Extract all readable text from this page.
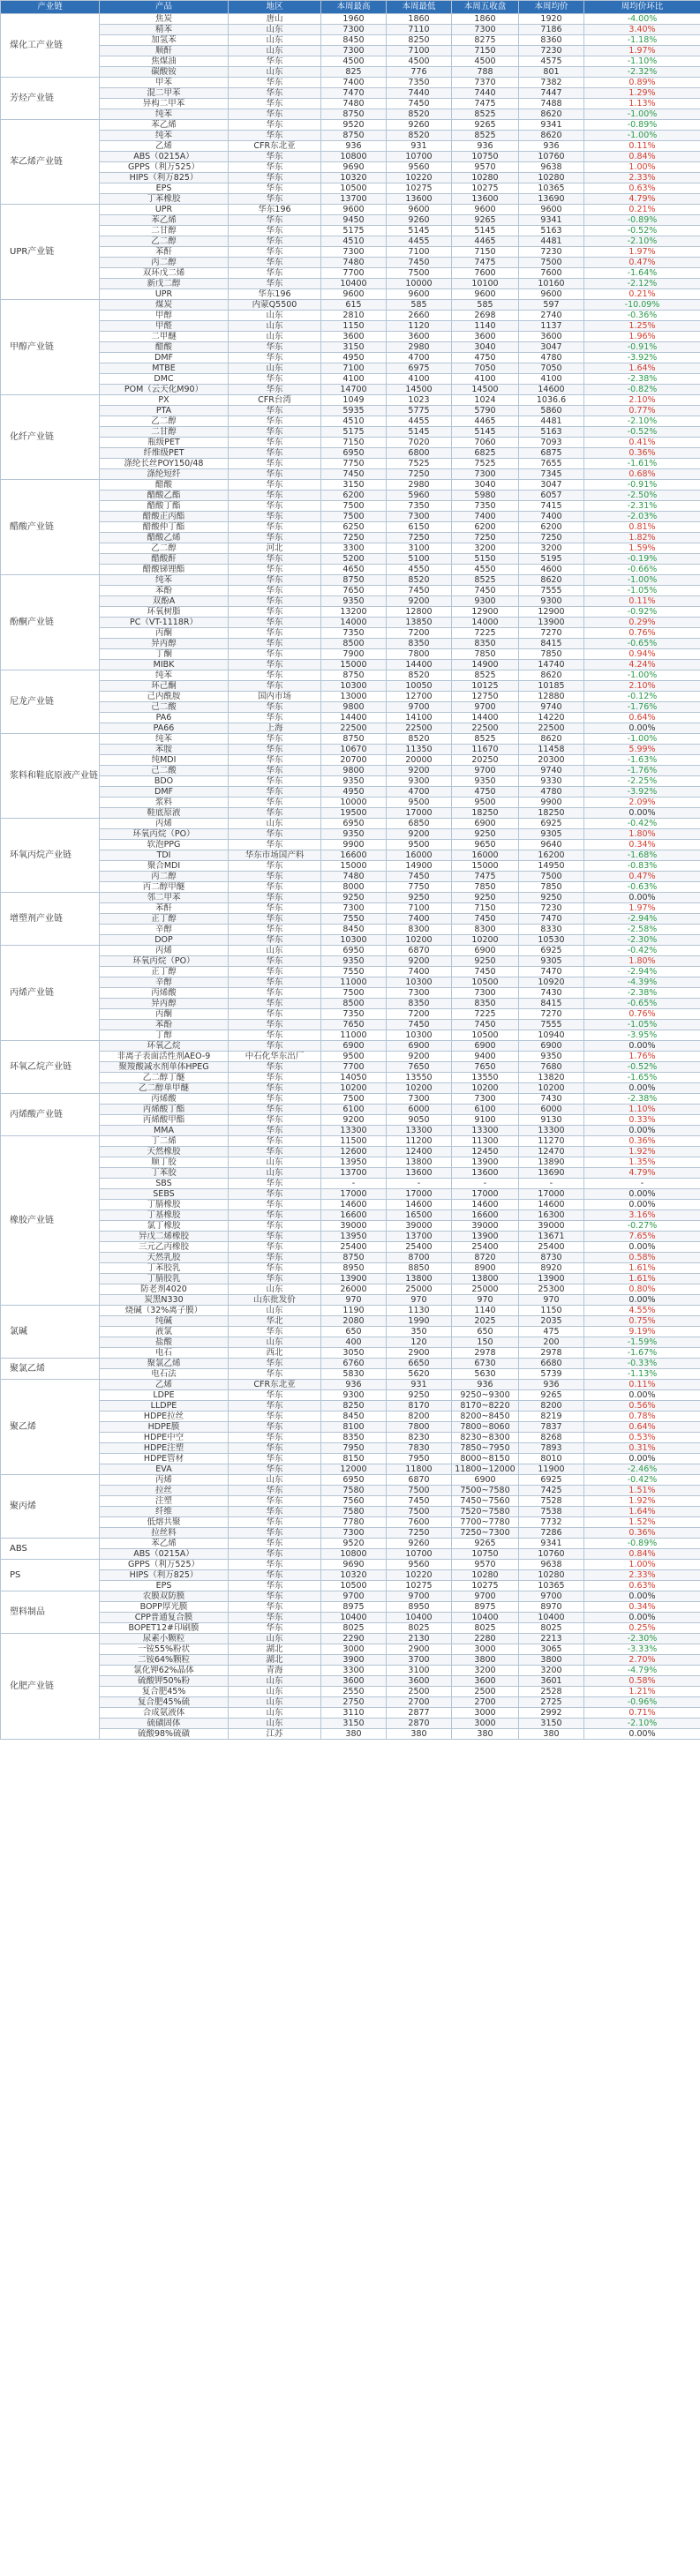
产业链	产品	地区	本周最高	本周最低	本周五收盘	本周均价	周均价环比
煤化工产业链	焦炭	唐山	1960	1860	1860	1920	-4.00%
	精苯	山东	7300	7110	7300	7186	3.40%
	加氢苯	山东	8450	8250	8275	8360	-1.18%
	顺酐	山东	7300	7100	7150	7230	1.97%
	焦煤油	华东	4500	4500	4500	4575	-1.10%
	碳酸铵	山东	825	776	788	801	-2.32%
芳烃产业链	甲苯	华东	7400	7350	7370	7382	0.89%
	混二甲苯	华东	7470	7440	7440	7447	1.29%
	异构二甲苯	华东	7480	7450	7475	7488	1.13%
	纯苯	华东	8750	8520	8525	8620	-1.00%
苯乙烯产业链	苯乙烯	华东	9520	9260	9265	9341	-0.89%
	纯苯	华东	8750	8520	8525	8620	-1.00%
	乙烯	CFR东北亚	936	931	936	936	0.11%
	ABS（0215A）	华东	10800	10700	10750	10760	0.84%
	GPPS（利万525）	华东	9690	9560	9570	9638	1.00%
	HIPS（利万825）	华东	10320	10220	10280	10280	2.33%
	EPS	华东	10500	10275	10275	10365	0.63%
	丁苯橡胶	华东	13700	13600	13600	13690	4.79%
UPR产业链	UPR	华东196	9600	9600	9600	9600	0.21%
	苯乙烯	华东	9450	9260	9265	9341	-0.89%
	二甘醇	华东	5175	5145	5145	5163	-0.52%
	乙二醇	华东	4510	4455	4465	4481	-2.10%
	苯酐	华东	7300	7100	7150	7230	1.97%
	丙二醇	华东	7480	7450	7475	7500	0.47%
	双环戊二烯	华东	7700	7500	7600	7600	-1.64%
	新戊二醇	华东	10400	10000	10100	10160	-2.12%
	UPR	华东196	9600	9600	9600	9600	0.21%
甲醇产业链	煤炭	内蒙Q5500	615	585	585	597	-10.09%
	甲醇	山东	2810	2660	2698	2740	-0.36%
	甲醛	山东	1150	1120	1140	1137	1.25%
	二甲醚	山东	3600	3600	3600	3600	1.96%
	醋酸	华东	3150	2980	3040	3047	-0.91%
	DMF	华东	4950	4700	4750	4780	-3.92%
	MTBE	山东	7100	6975	7050	7050	1.64%
	DMC	华东	4100	4100	4100	4100	-2.38%
	POM（云天化M90）	华东	14700	14500	14500	14600	-0.82%
化纤产业链	PX	CFR台湾	1049	1023	1024	1036.6	2.10%
	PTA	华东	5935	5775	5790	5860	0.77%
	乙二醇	华东	4510	4455	4465	4481	-2.10%
	二甘醇	华东	5175	5145	5145	5163	-0.52%
	瓶级PET	华东	7150	7020	7060	7093	0.41%
	纤维级PET	华东	6950	6800	6825	6875	0.36%
	涤纶长丝POY150/48	华东	7750	7525	7525	7655	-1.61%
	涤纶短纤	华东	7450	7250	7300	7345	0.68%
醋酸产业链	醋酸	华东	3150	2980	3040	3047	-0.91%
	醋酸乙酯	华东	6200	5960	5980	6057	-2.50%
	醋酸丁酯	华东	7500	7350	7350	7415	-2.31%
	醋酸正丙酯	华东	7500	7300	7400	7400	-2.03%
	醋酸仲丁酯	华东	6250	6150	6200	6200	0.81%
	醋酸乙烯	华东	7250	7250	7250	7250	1.82%
	乙二醇	河北	3300	3100	3200	3200	1.59%
	醋酸酐	华东	5200	5100	5150	5195	-0.19%
	醋酸锑锂酯	华东	4650	4550	4550	4600	-0.66%
酚酮产业链	纯苯	华东	8750	8520	8525	8620	-1.00%
	苯酚	华东	7650	7450	7450	7555	-1.05%
	双酚A	华东	9350	9200	9300	9300	0.11%
	环氧树脂	华东	13200	12800	12900	12900	-0.92%
	PC（VT-1118R）	华东	14000	13850	14000	13900	0.29%
	丙酮	华东	7350	7200	7225	7270	0.76%
	异丙醇	华东	8500	8350	8350	8415	-0.65%
	丁酮	华东	7900	7800	7850	7850	0.94%
	MIBK	华东	15000	14400	14900	14740	4.24%
尼龙产业链	纯苯	华东	8750	8520	8525	8620	-1.00%
	环己酮	华东	10300	10050	10125	10185	2.10%
	己内酰胺	国内市场	13000	12700	12750	12880	-0.12%
	己二酸	华东	9800	9700	9700	9740	-1.76%
	PA6	华东	14400	14100	14400	14220	0.64%
	PA66	上海	22500	22500	22500	22500	0.00%
浆料和鞋底原液产业链	纯苯	华东	8750	8520	8525	8620	-1.00%
	苯胺	华东	10670	11350	11670	11458	5.99%
	纯MDI	华东	20700	20000	20250	20300	-1.63%
	己二酸	华东	9800	9200	9700	9740	-1.76%
	BDO	华东	9350	9300	9350	9330	-2.25%
	DMF	华东	4950	4700	4750	4780	-3.92%
	浆料	华东	10000	9500	9500	9900	2.09%
	鞋底原液	华东	19500	17000	18250	18250	0.00%
环氧丙烷产业链	丙烯	山东	6950	6850	6900	6925	-0.42%
	环氧丙烷（PO）	华东	9350	9200	9250	9305	1.80%
	软泡PPG	华东	9900	9500	9650	9640	0.34%
	TDI	华东市场国产料	16600	16000	16000	16200	-1.68%
	聚合MDI	华东	15000	14900	15000	14950	-0.83%
	丙二醇	华东	7480	7450	7475	7500	0.47%
	丙二醇甲醚	华东	8000	7750	7850	7850	-0.63%
增塑剂产业链	邻二甲苯	华东	9250	9250	9250	9250	0.00%
	苯酐	华东	7300	7100	7150	7230	1.97%
	正丁醇	华东	7550	7400	7450	7470	-2.94%
	辛醇	华东	8450	8300	8300	8330	-2.58%
	DOP	华东	10300	10200	10200	10530	-2.30%
丙烯产业链	丙烯	山东	6950	6870	6900	6925	-0.42%
	环氧丙烷（PO）	华东	9350	9200	9250	9305	1.80%
	正丁醇	华东	7550	7400	7450	7470	-2.94%
	辛醇	华东	11000	10300	10500	10920	-4.39%
	丙烯酸	华东	7500	7300	7300	7430	-2.38%
	异丙醇	华东	8500	8350	8350	8415	-0.65%
	丙酮	华东	7350	7200	7225	7270	0.76%
	苯酚	华东	7650	7450	7450	7555	-1.05%
	丁醇	华东	11000	10300	10500	10940	-3.95%
环氧乙烷产业链	环氧乙烷	华东	6900	6900	6900	6900	0.00%
	非离子表面活性剂AEO-9	中石化华东出厂	9500	9200	9400	9350	1.76%
	聚羧酸减水剂单体HPEG	华东	7700	7650	7650	7680	-0.52%
	乙二醇丁醚	华东	14050	13550	13550	13820	-1.65%
	乙二醇单甲醚	华东	10200	10200	10200	10200	0.00%
丙烯酸产业链	丙烯酸	华东	7500	7300	7300	7430	-2.38%
	丙烯酸丁酯	华东	6100	6000	6100	6000	1.10%
	丙烯酸甲酯	华东	9200	9050	9100	9130	0.33%
	MMA	华东	13300	13300	13300	13300	0.00%
橡胶产业链	丁二烯	华东	11500	11200	11300	11270	0.36%
	天然橡胶	华东	12600	12400	12450	12470	1.92%
	顺丁胶	山东	13950	13800	13900	13890	1.35%
	丁苯胶	山东	13700	13600	13600	13690	4.79%
	SBS	华东	-	-	-	-	-
	SEBS	华东	17000	17000	17000	17000	0.00%
	丁腈橡胶	华东	14600	14600	14600	14600	0.00%
	丁基橡胶	华东	16600	16500	16600	16300	3.16%
	氯丁橡胶	华东	39000	39000	39000	39000	-0.27%
	异戊二烯橡胶	华东	13950	13700	13900	13671	7.65%
	三元乙丙橡胶	华东	25400	25400	25400	25400	0.00%
	天然乳胶	华东	8750	8700	8720	8730	0.58%
	丁苯胶乳	华东	8950	8850	8900	8920	1.61%
	丁腈胶乳	华东	13900	13800	13800	13900	1.61%
	防老剂4020	山东	26000	25000	25000	25300	0.80%
	炭黑N330	山东批发价	970	970	970	970	0.00%
氯碱	烧碱（32%离子膜）	山东	1190	1130	1140	1150	4.55%
	纯碱	华北	2080	1990	2025	2035	0.75%
	液氯	华东	650	350	650	475	9.19%
	盐酸	山东	400	120	150	200	-1.59%
	电石	西北	3050	2900	2978	2978	-1.67%
聚氯乙烯	聚氯乙烯	华东	6760	6650	6730	6680	-0.33%
	电石法	华东	5830	5620	5630	5739	-1.13%
聚乙烯	乙烯	CFR东北亚	936	931	936	936	0.11%
	LDPE	华东	9300	9250	9250~9300	9265	0.00%
	LLDPE	华东	8250	8170	8170~8220	8200	0.56%
	HDPE拉丝	华东	8450	8200	8200~8450	8219	0.78%
	HDPE膜	华东	8100	7800	7800~8060	7837	0.64%
	HDPE中空	华东	8350	8230	8230~8300	8268	0.53%
	HDPE注塑	华东	7950	7830	7850~7950	7893	0.31%
	HDPE管材	华东	8150	7950	8000~8150	8010	0.00%
	EVA	华东	12000	11800	11800~12000	11900	-2.46%
聚丙烯	丙烯	山东	6950	6870	6900	6925	-0.42%
	拉丝	华东	7580	7500	7500~7580	7425	1.51%
	注塑	华东	7560	7450	7450~7560	7528	1.92%
	纤维	华东	7580	7500	7520~7580	7538	1.64%
	低熔共聚	华东	7780	7600	7700~7780	7732	1.52%
	拉丝料	华东	7300	7250	7250~7300	7286	0.36%
ABS	苯乙烯	华东	9520	9260	9265	9341	-0.89%
	ABS（0215A）	华东	10800	10700	10750	10760	0.84%
PS	GPPS（利万525）	华东	9690	9560	9570	9638	1.00%
	HIPS（利万825）	华东	10320	10220	10280	10280	2.33%
	EPS	华东	10500	10275	10275	10365	0.63%
塑料制品	农膜双防膜	华东	9700	9700	9700	9700	0.00%
	BOPP厚光膜	华东	8975	8950	8975	8970	0.34%
	CPP普通复合膜	华东	10400	10400	10400	10400	0.00%
	BOPET12#印刷膜	华东	8025	8025	8025	8025	0.25%
化肥产业链	尿素小颗粒	山东	2290	2130	2280	2213	-2.30%
	一铵55%粉状	湖北	3000	2900	3000	3065	-3.33%
	二铵64%颗粒	湖北	3900	3700	3800	3800	2.70%
	氯化钾62%晶体	青海	3300	3100	3200	3200	-4.79%
	硫酸钾50%粉	山东	3600	3600	3600	3601	0.58%
	复合肥45%	山东	2550	2500	2500	2528	1.21%
	复合肥45%硫	山东	2750	2700	2700	2725	-0.96%
	合成氨液体	山东	3110	2877	3000	2992	0.71%
	硫磺固体	山东	3150	2870	3000	3150	-2.10%
	硫酸98%硫磺	江苏	380	380	380	380	0.00%
